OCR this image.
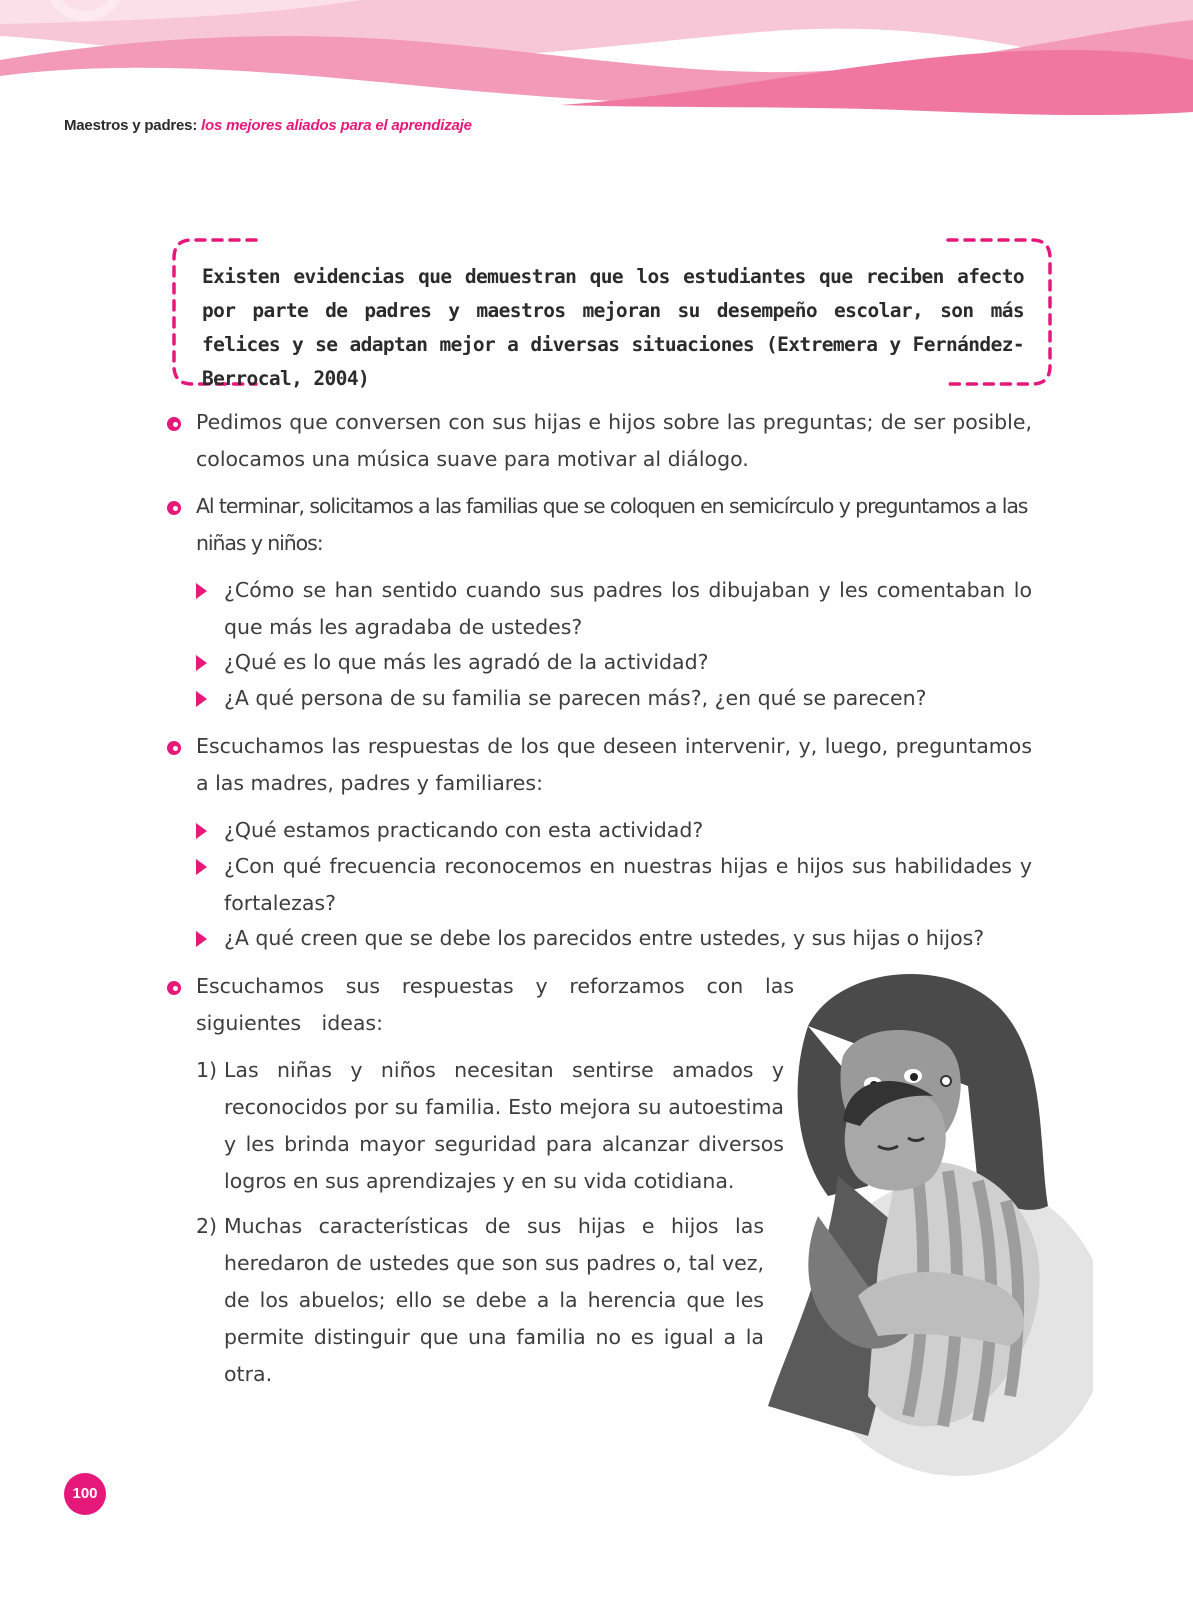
Maestros y padres: los mejores aliados para el aprendizaje
Existen evidencias que demuestran que los estudiantes que reciben afecto por parte de padres y maestros mejoran su desempeño escolar, son más felices y se adaptan mejor a diversas situaciones (Extremera y Fernández-Berrocal, 2004)
Pedimos que conversen con sus hijas e hijos sobre las preguntas; de ser posible, colocamos una música suave para motivar al diálogo.
Al terminar, solicitamos a las familias que se coloquen en semicírculo y preguntamos a las niñas y niños:
¿Cómo se han sentido cuando sus padres los dibujaban y les comentaban lo que más les agradaba de ustedes?
¿Qué es lo que más les agradó de la actividad?
¿A qué persona de su familia se parecen más?, ¿en qué se parecen?
Escuchamos las respuestas de los que deseen intervenir, y, luego, preguntamos a las madres, padres y familiares:
¿Qué estamos practicando con esta actividad?
¿Con qué frecuencia reconocemos en nuestras hijas e hijos sus habilidades y fortalezas?
¿A qué creen que se debe los parecidos entre ustedes, y sus hijas o hijos?
Escuchamos sus respuestas y reforzamos con las siguientes ideas:
1) Las niñas y niños necesitan sentirse amados y reconocidos por su familia. Esto mejora su autoestima y les brinda mayor seguridad para alcanzar diversos logros en sus aprendizajes y en su vida cotidiana.
2) Muchas características de sus hijas e hijos las heredaron de ustedes que son sus padres o, tal vez, de los abuelos; ello se debe a la herencia que les permite distinguir que una familia no es igual a la otra.
100
